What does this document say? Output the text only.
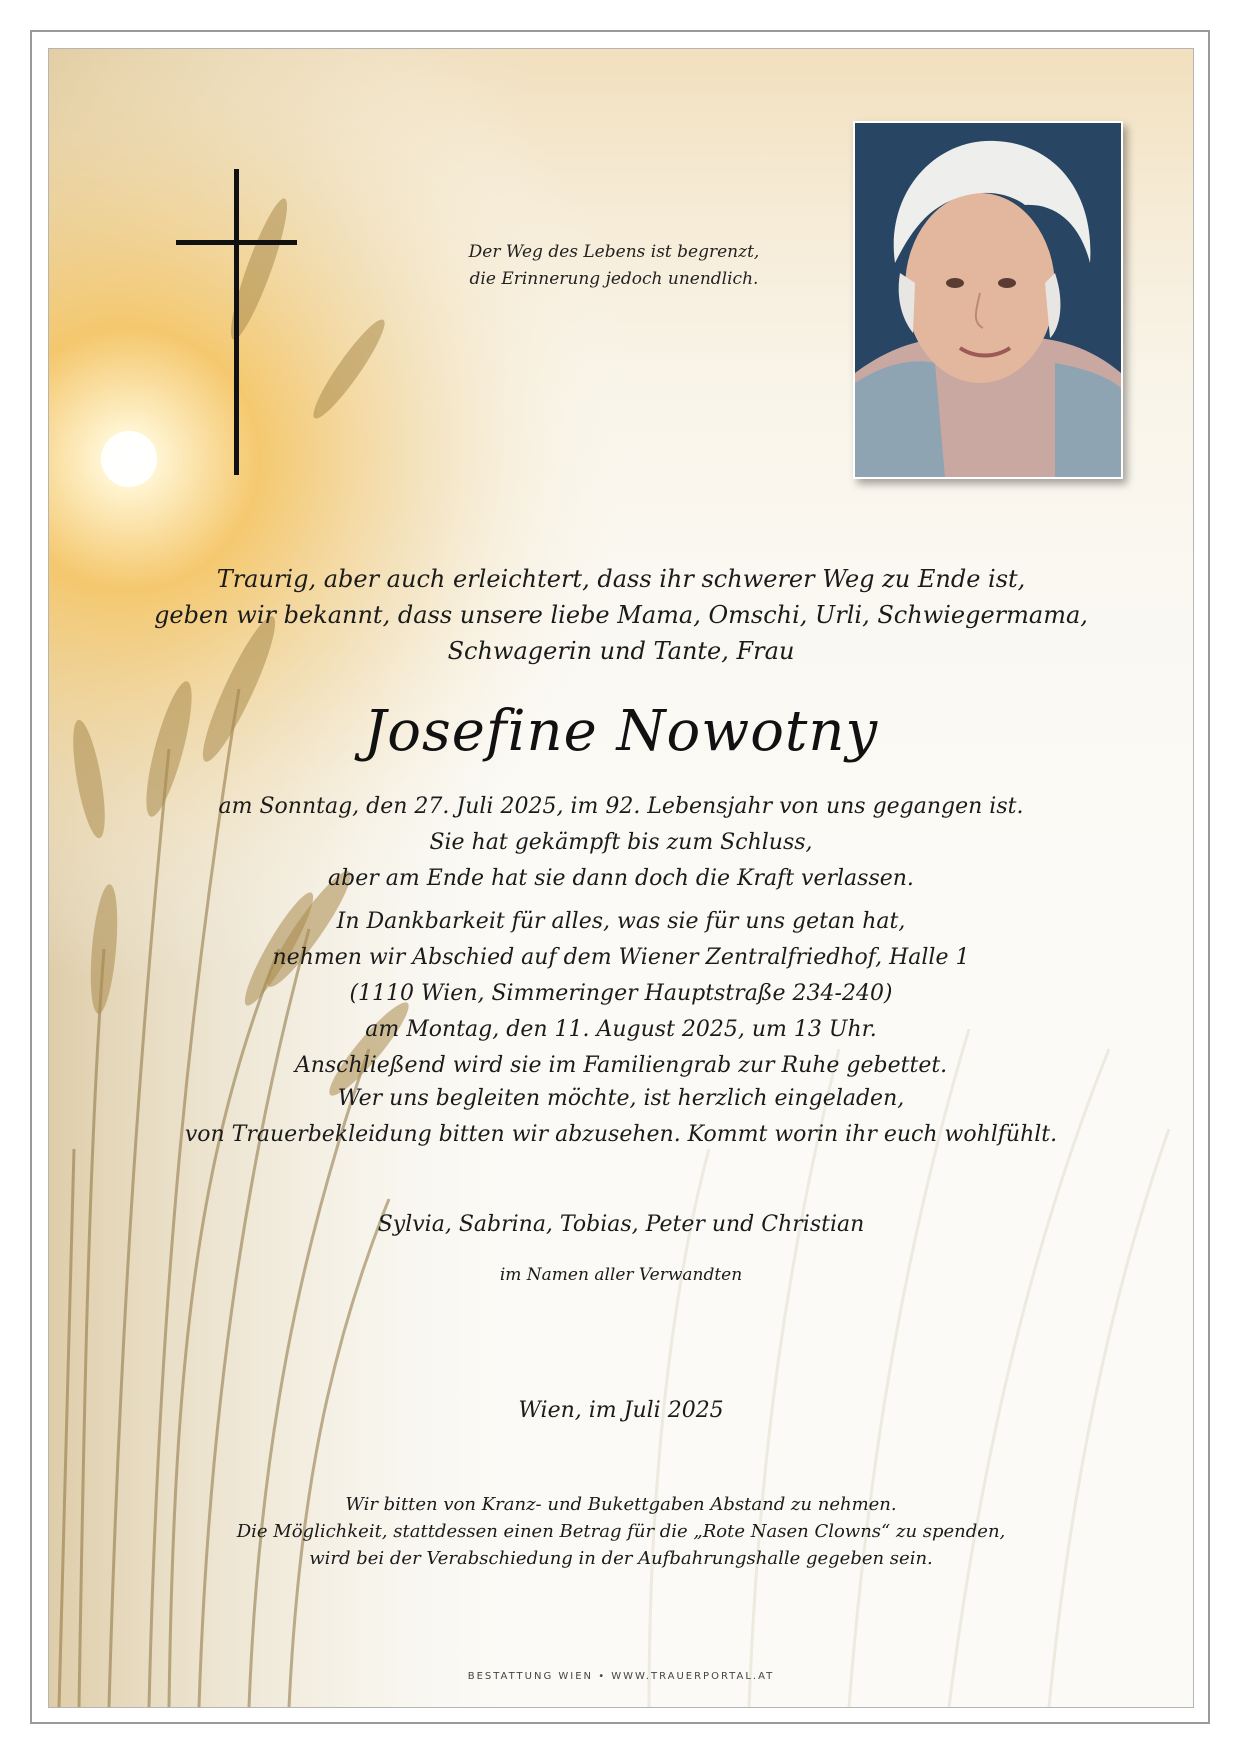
Der Weg des Lebens ist begrenzt,
die Erinnerung jedoch unendlich.
Traurig, aber auch erleichtert, dass ihr schwerer Weg zu Ende ist,
geben wir bekannt, dass unsere liebe Mama, Omschi, Urli, Schwiegermama,
Schwagerin und Tante, Frau
Josefine Nowotny
am Sonntag, den 27. Juli 2025, im 92. Lebensjahr von uns gegangen ist.
Sie hat gekämpft bis zum Schluss,
aber am Ende hat sie dann doch die Kraft verlassen.
In Dankbarkeit für alles, was sie für uns getan hat,
nehmen wir Abschied auf dem Wiener Zentralfriedhof, Halle 1
(1110 Wien, Simmeringer Hauptstraße 234-240)
am Montag, den 11. August 2025, um 13 Uhr.
Anschließend wird sie im Familiengrab zur Ruhe gebettet.
Wer uns begleiten möchte, ist herzlich eingeladen,
von Trauerbekleidung bitten wir abzusehen. Kommt worin ihr euch wohlfühlt.
Sylvia, Sabrina, Tobias, Peter und Christian
im Namen aller Verwandten
Wien, im Juli 2025
Wir bitten von Kranz- und Bukettgaben Abstand zu nehmen.
Die Möglichkeit, stattdessen einen Betrag für die „Rote Nasen Clowns“ zu spenden,
wird bei der Verabschiedung in der Aufbahrungshalle gegeben sein.
BESTATTUNG WIEN • WWW.TRAUERPORTAL.AT
